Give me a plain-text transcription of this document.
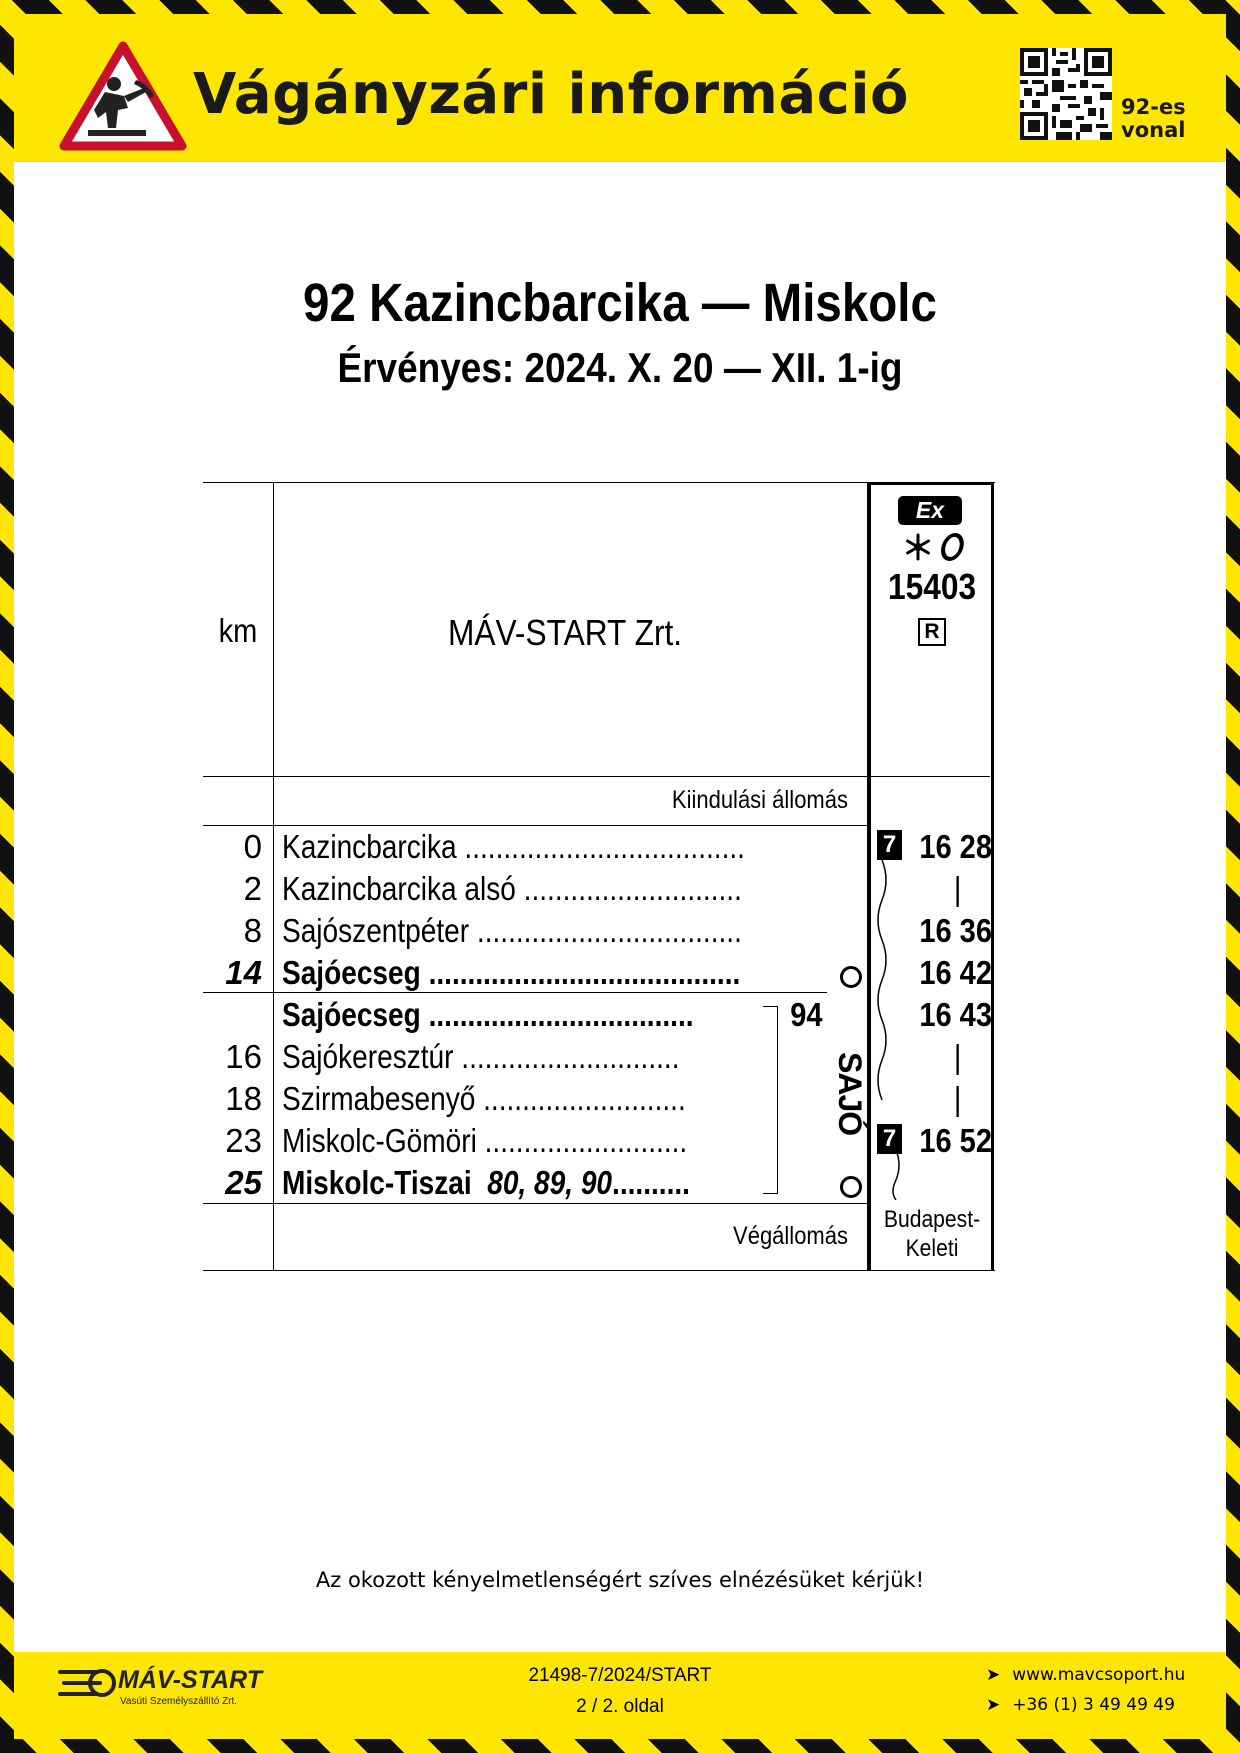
Vágányzári információ	92-es
vonal
92 Kazincbarcika — Miskolc
Érvényes: 2024. X. 20 — XII. 1-ig
km	MÁV-START Zrt.
Ex
15403
R
Kiindulási állomás
0 Kazincbarcika ....................................	7 16 28
2 Kazincbarcika alsó ............................	|
8 Sajószentpéter ..................................	16 36
14 Sajóecseg ........................................	16 42
Sajóecseg ..................................	16 43
16 Sajókeresztúr ............................	|
18 Szirmabesenyő ..........................	|
23 Miskolc-Gömöri ..........................	7 16 52
25 Miskolc-Tiszai 80, 89, 90..........
94
SAJÓ
Végállomás
Budapest-
Keleti
Az okozott kényelmetlenségért szíves elnézésüket kérjük!
MÁV-START
Vasúti Személyszállító Zrt.
21498-7/2024/START
2 / 2. oldal
➤ www.mavcsoport.hu
➤ +36 (1) 3 49 49 49
